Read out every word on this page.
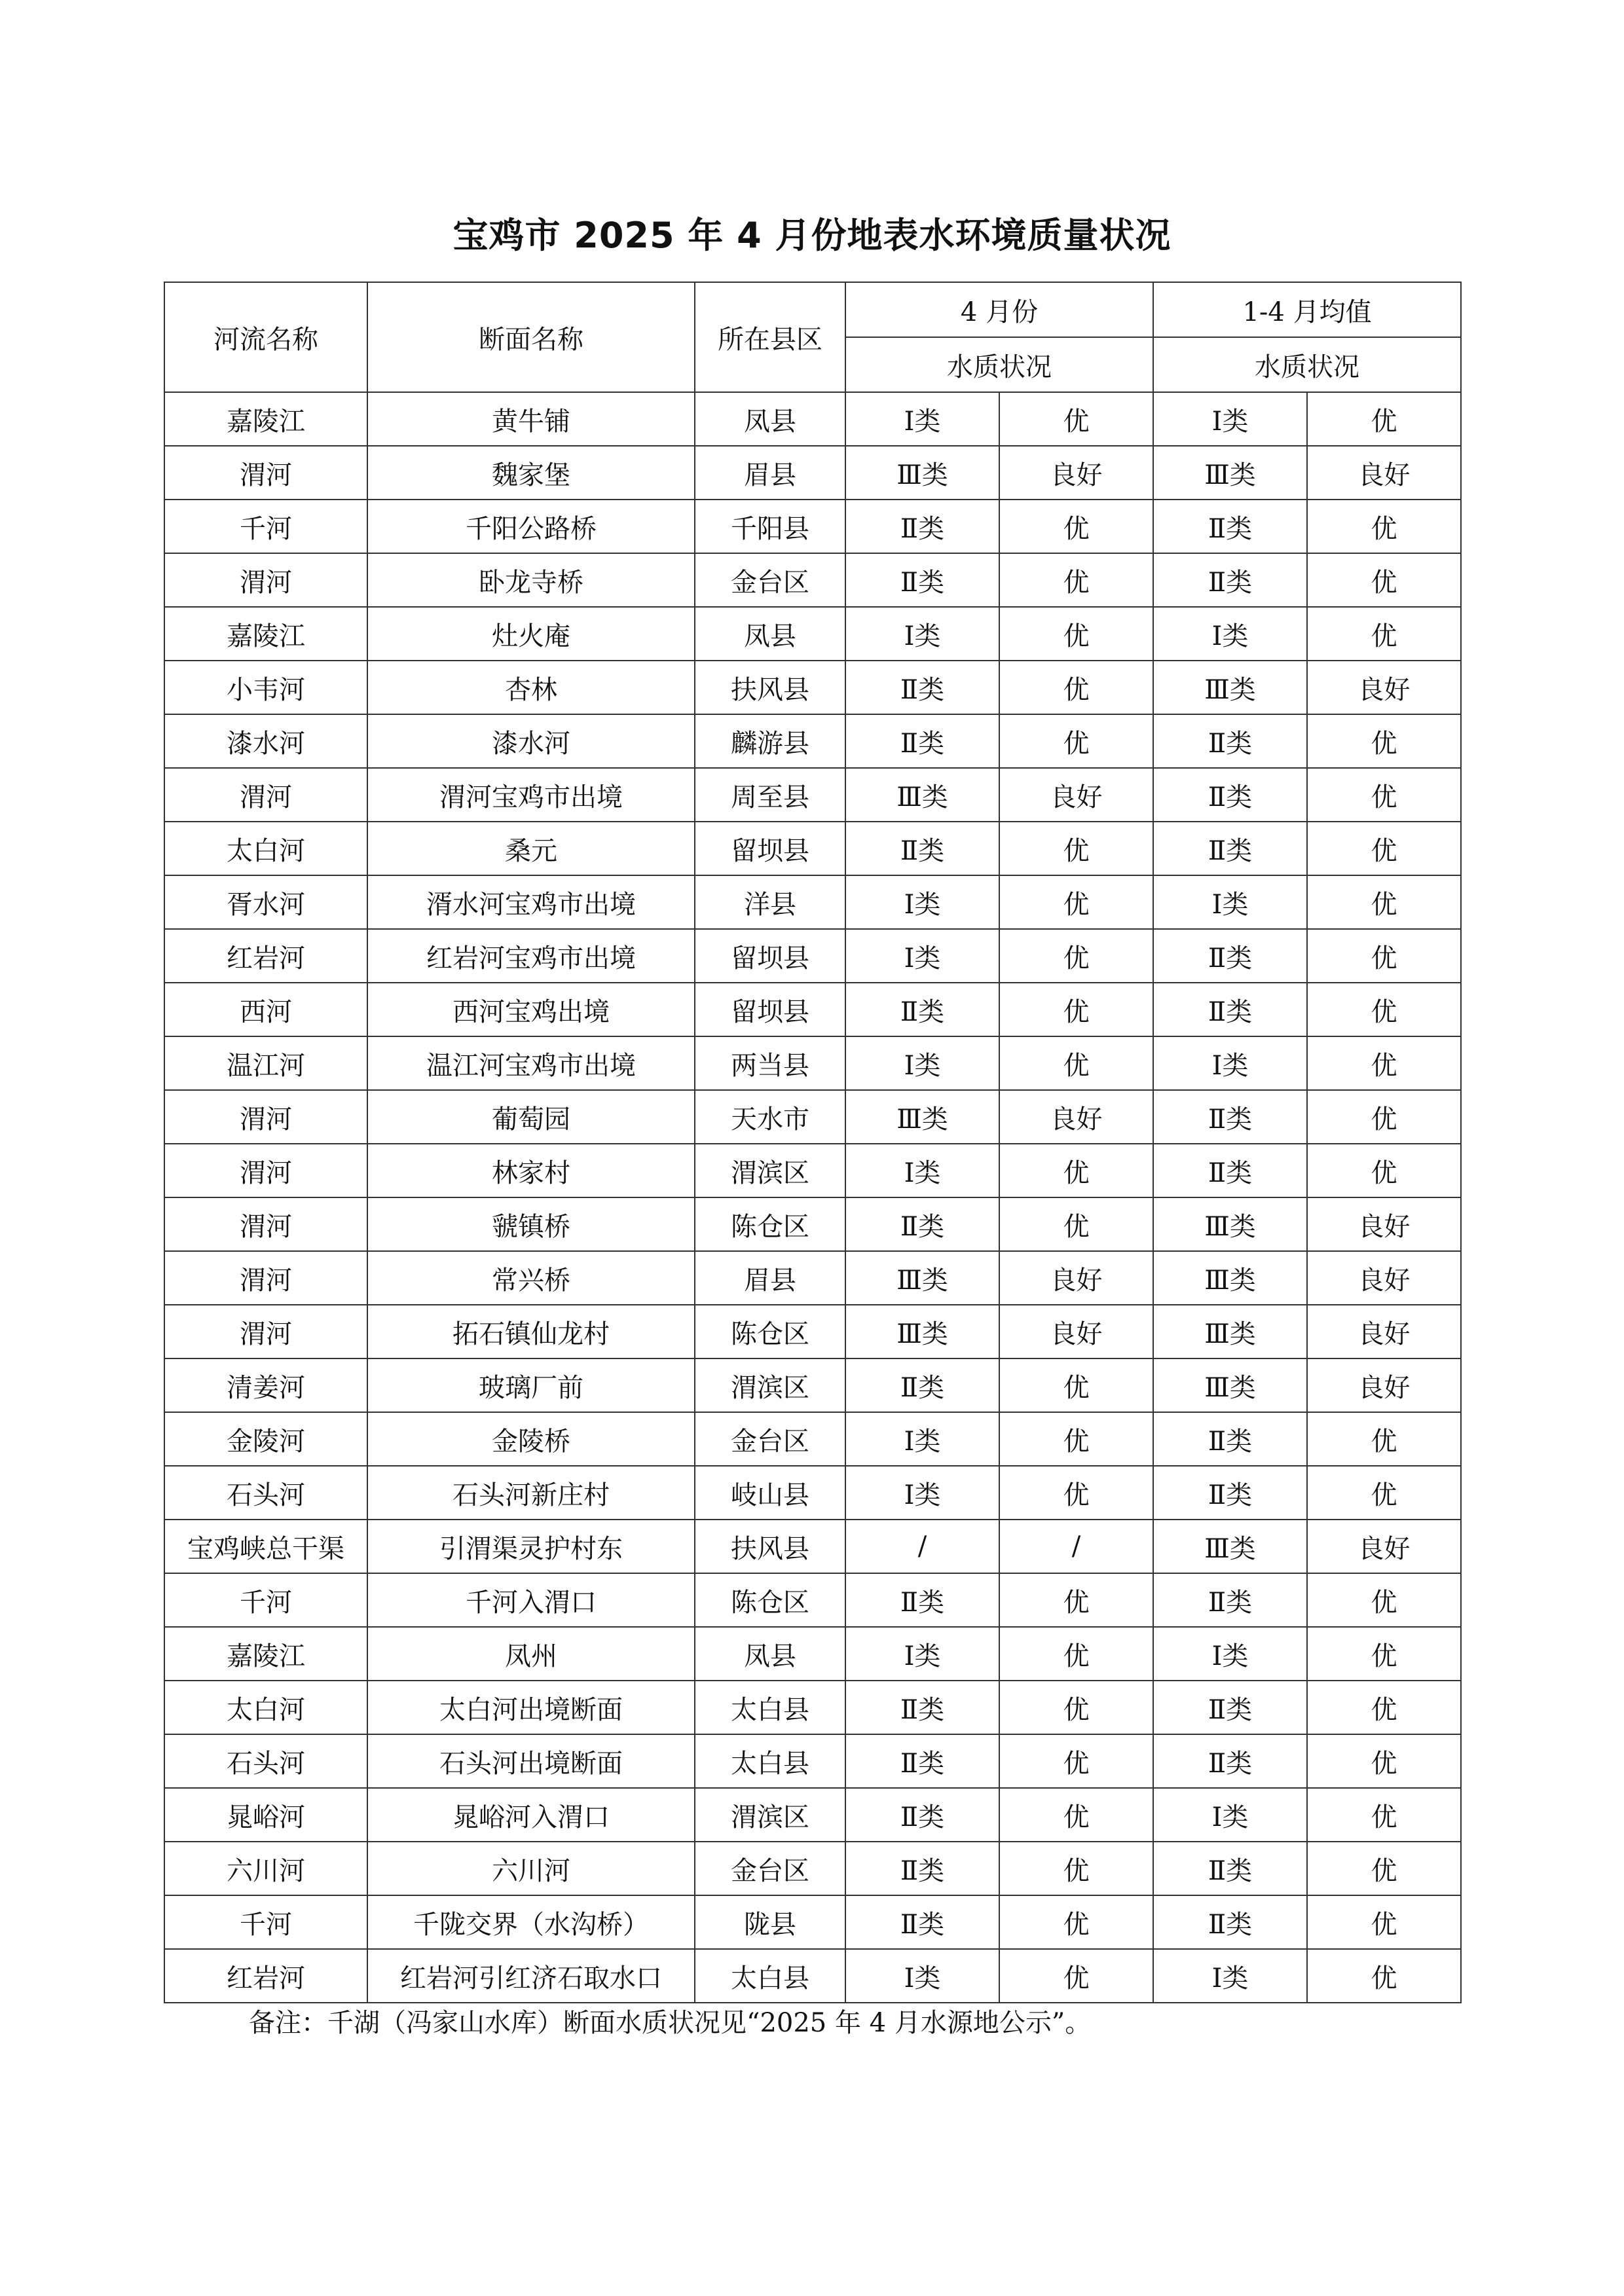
宝鸡市 2025 年 4 月份地表水环境质量状况
河流名称	断面名称	所在县区	4 月份		1-4 月均值	
			水质状况		水质状况	
嘉陵江	黄牛铺	凤县	Ⅰ类	优	Ⅰ类	优
渭河	魏家堡	眉县	Ⅲ类	良好	Ⅲ类	良好
千河	千阳公路桥	千阳县	Ⅱ类	优	Ⅱ类	优
渭河	卧龙寺桥	金台区	Ⅱ类	优	Ⅱ类	优
嘉陵江	灶火庵	凤县	Ⅰ类	优	Ⅰ类	优
小韦河	杏林	扶风县	Ⅱ类	优	Ⅲ类	良好
漆水河	漆水河	麟游县	Ⅱ类	优	Ⅱ类	优
渭河	渭河宝鸡市出境	周至县	Ⅲ类	良好	Ⅱ类	优
太白河	桑元	留坝县	Ⅱ类	优	Ⅱ类	优
胥水河	湑水河宝鸡市出境	洋县	Ⅰ类	优	Ⅰ类	优
红岩河	红岩河宝鸡市出境	留坝县	Ⅰ类	优	Ⅱ类	优
西河	西河宝鸡出境	留坝县	Ⅱ类	优	Ⅱ类	优
温江河	温江河宝鸡市出境	两当县	Ⅰ类	优	Ⅰ类	优
渭河	葡萄园	天水市	Ⅲ类	良好	Ⅱ类	优
渭河	林家村	渭滨区	Ⅰ类	优	Ⅱ类	优
渭河	虢镇桥	陈仓区	Ⅱ类	优	Ⅲ类	良好
渭河	常兴桥	眉县	Ⅲ类	良好	Ⅲ类	良好
渭河	拓石镇仙龙村	陈仓区	Ⅲ类	良好	Ⅲ类	良好
清姜河	玻璃厂前	渭滨区	Ⅱ类	优	Ⅲ类	良好
金陵河	金陵桥	金台区	Ⅰ类	优	Ⅱ类	优
石头河	石头河新庄村	岐山县	Ⅰ类	优	Ⅱ类	优
宝鸡峡总干渠	引渭渠灵护村东	扶风县	/	/	Ⅲ类	良好
千河	千河入渭口	陈仓区	Ⅱ类	优	Ⅱ类	优
嘉陵江	凤州	凤县	Ⅰ类	优	Ⅰ类	优
太白河	太白河出境断面	太白县	Ⅱ类	优	Ⅱ类	优
石头河	石头河出境断面	太白县	Ⅱ类	优	Ⅱ类	优
晁峪河	晁峪河入渭口	渭滨区	Ⅱ类	优	Ⅰ类	优
六川河	六川河	金台区	Ⅱ类	优	Ⅱ类	优
千河	千陇交界（水沟桥）	陇县	Ⅱ类	优	Ⅱ类	优
红岩河	红岩河引红济石取水口	太白县	Ⅰ类	优	Ⅰ类	优
备注：千湖（冯家山水库）断面水质状况见“2025 年 4 月水源地公示”。
